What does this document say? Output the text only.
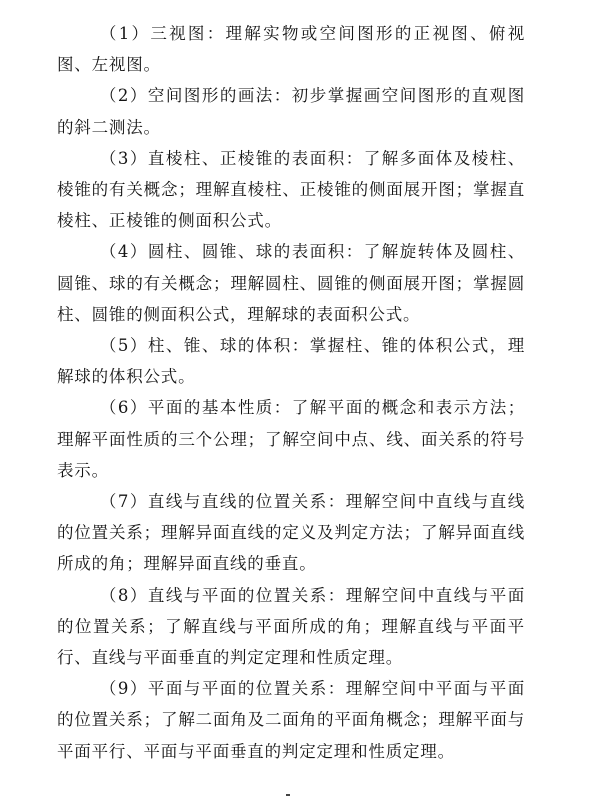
（1）三视图：理解实物或空间图形的正视图、俯视图、左视图。

（2）空间图形的画法：初步掌握画空间图形的直观图的斜二测法。

（3）直棱柱、正棱锥的表面积：了解多面体及棱柱、棱锥的有关概念；理解直棱柱、正棱锥的侧面展开图；掌握直棱柱、正棱锥的侧面积公式。

（4）圆柱、圆锥、球的表面积：了解旋转体及圆柱、圆锥、球的有关概念；理解圆柱、圆锥的侧面展开图；掌握圆柱、圆锥的侧面积公式，理解球的表面积公式。

（5）柱、锥、球的体积：掌握柱、锥的体积公式，理解球的体积公式。

（6）平面的基本性质：了解平面的概念和表示方法；理解平面性质的三个公理；了解空间中点、线、面关系的符号表示。

（7）直线与直线的位置关系：理解空间中直线与直线的位置关系；理解异面直线的定义及判定方法；了解异面直线所成的角；理解异面直线的垂直。

（8）直线与平面的位置关系：理解空间中直线与平面的位置关系；了解直线与平面所成的角；理解直线与平面平行、直线与平面垂直的判定定理和性质定理。

（9）平面与平面的位置关系：理解空间中平面与平面的位置关系；了解二面角及二面角的平面角概念；理解平面与平面平行、平面与平面垂直的判定定理和性质定理。
